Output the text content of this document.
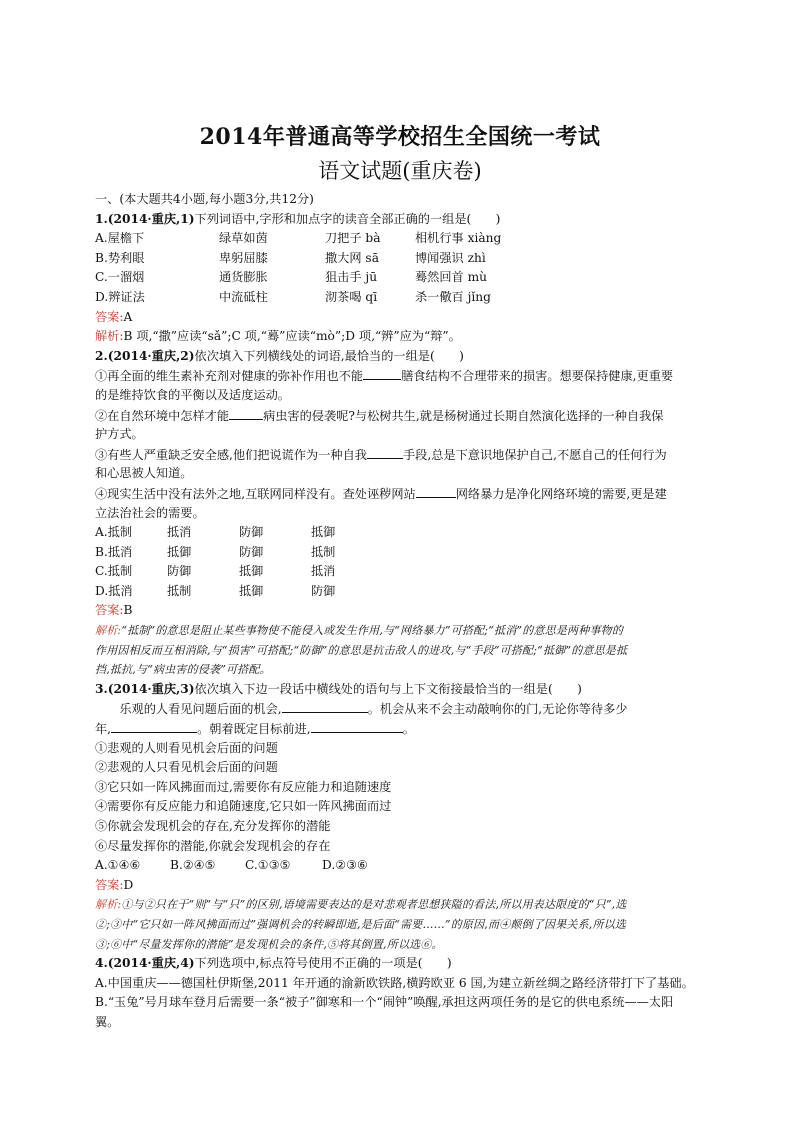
2014年普通高等学校招生全国统一考试
语文试题(重庆卷)
一、(本大题共4小题,每小题3分,共12分)
1.(2014·重庆,1)下列词语中,字形和加点字的读音全部正确的一组是(　　)
A.屋檐下	绿草如茵	刀把子 bà	相机行事 xiàng
B.势利眼	卑躬屈膝	撒大网 sā	博闻强识 zhì
C.一溜烟	通货膨胀	狙击手 jū	蓦然回首 mù
D.辨证法	中流砥柱	沏茶喝 qī	杀一儆百 jǐng
答案:A
解析:B 项,“撒”应读“sǎ”;C 项,“蓦”应读“mò”;D 项,“辨”应为“辩”。
2.(2014·重庆,2)依次填入下列横线处的词语,最恰当的一组是(　　)
①再全面的维生素补充剂对健康的弥补作用也不能	膳食结构不合理带来的损害。想要保持健康,更重要
的是维持饮食的平衡以及适度运动。
②在自然环境中怎样才能	病虫害的侵袭呢?与松树共生,就是杨树通过长期自然演化选择的一种自我保
护方式。
③有些人严重缺乏安全感,他们把说谎作为一种自我	手段,总是下意识地保护自己,不愿自己的任何行为
和心思被人知道。
④现实生活中没有法外之地,互联网同样没有。查处诬秽网站	网络暴力是净化网络环境的需要,更是建
立法治社会的需要。
A.抵制	抵消	防御	抵御
B.抵消	抵御	防御	抵制
C.抵制	防御	抵御	抵消
D.抵消	抵制	抵御	防御
答案:B
解析:“抵制”的意思是阻止某些事物使不能侵入或发生作用,与“网络暴力”可搭配;“抵消”的意思是两种事物的
作用因相反而互相消除,与“损害”可搭配;“防御”的意思是抗击敌人的进攻,与“手段”可搭配;“抵御”的意思是抵
挡,抵抗,与“病虫害的侵袭”可搭配。
3.(2014·重庆,3)依次填入下边一段话中横线处的语句与上下文衔接最恰当的一组是(　　)
　　乐观的人看见问题后面的机会,	。机会从来不会主动敲响你的门,无论你等待多少
年,	。朝着既定目标前进,	。
①悲观的人则看见机会后面的问题
②悲观的人只看见机会后面的问题
③它只如一阵风拂面而过,需要你有反应能力和追随速度
④需要你有反应能力和追随速度,它只如一阵风拂面而过
⑤你就会发现机会的存在,充分发挥你的潜能
⑥尽量发挥你的潜能,你就会发现机会的存在
A.①④⑥ B.②④⑤ C.①③⑤	D.②③⑥
答案:D
解析:①与②只在于“则”与“只”的区别,语境需要表达的是对悲观者思想狭隘的看法,所以用表达限度的“只”,选
②;③中“它只如一阵风拂面而过”强调机会的转瞬即逝,是后面“需要……”的原因,而④颠倒了因果关系,所以选
③;⑥中“尽量发挥你的潜能”是发现机会的条件,⑤将其倒置,所以选⑥。
4.(2014·重庆,4)下列选项中,标点符号使用不正确的一项是(　　)
A.中国重庆——德国杜伊斯堡,2011 年开通的渝新欧铁路,横跨欧亚 6 国,为建立新丝绸之路经济带打下了基础。
B.“玉兔”号月球车登月后需要一条“被子”御寒和一个“闹钟”唤醒,承担这两项任务的是它的供电系统——太阳
翼。
